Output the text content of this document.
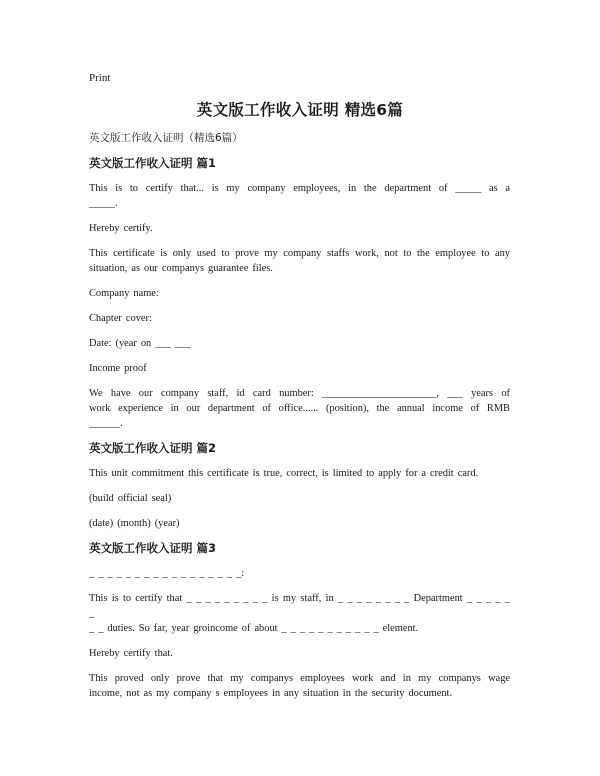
Print
英文版工作收入证明 精选6篇
英文版工作收入证明（精选6篇）
英文版工作收入证明 篇1
This is to certify that... is my company employees, in the department of _____ as a
_____.
Hereby certify.
This certificate is only used to prove my company staffs work, not to the employee to any
situation, as our companys guarantee files.
Company name:
Chapter cover:
Date: (year on ___ ___
Income proof
We have our company staff, id card number: ______________________, ___ years of
work experience in our department of office...... (position), the annual income of RMB
______.
英文版工作收入证明 篇2
This unit commitment this certificate is true, correct, is limited to apply for a credit card.
(build official seal)
(date) (month) (year)
英文版工作收入证明 篇3
_ _ _ _ _ _ _ _ _ _ _ _ _ _ _ _ _:
This is to certify that _ _ _ _ _ _ _ _ _ is my staff, in _ _ _ _ _ _ _ _ Department _ _ _ _ _ _
_ _ duties. So far, year groincome of about _ _ _ _ _ _ _ _ _ _ _ element.
Hereby certify that.
This proved only prove that my companys employees work and in my companys wage
income, not as my company s employees in any situation in the security document.
